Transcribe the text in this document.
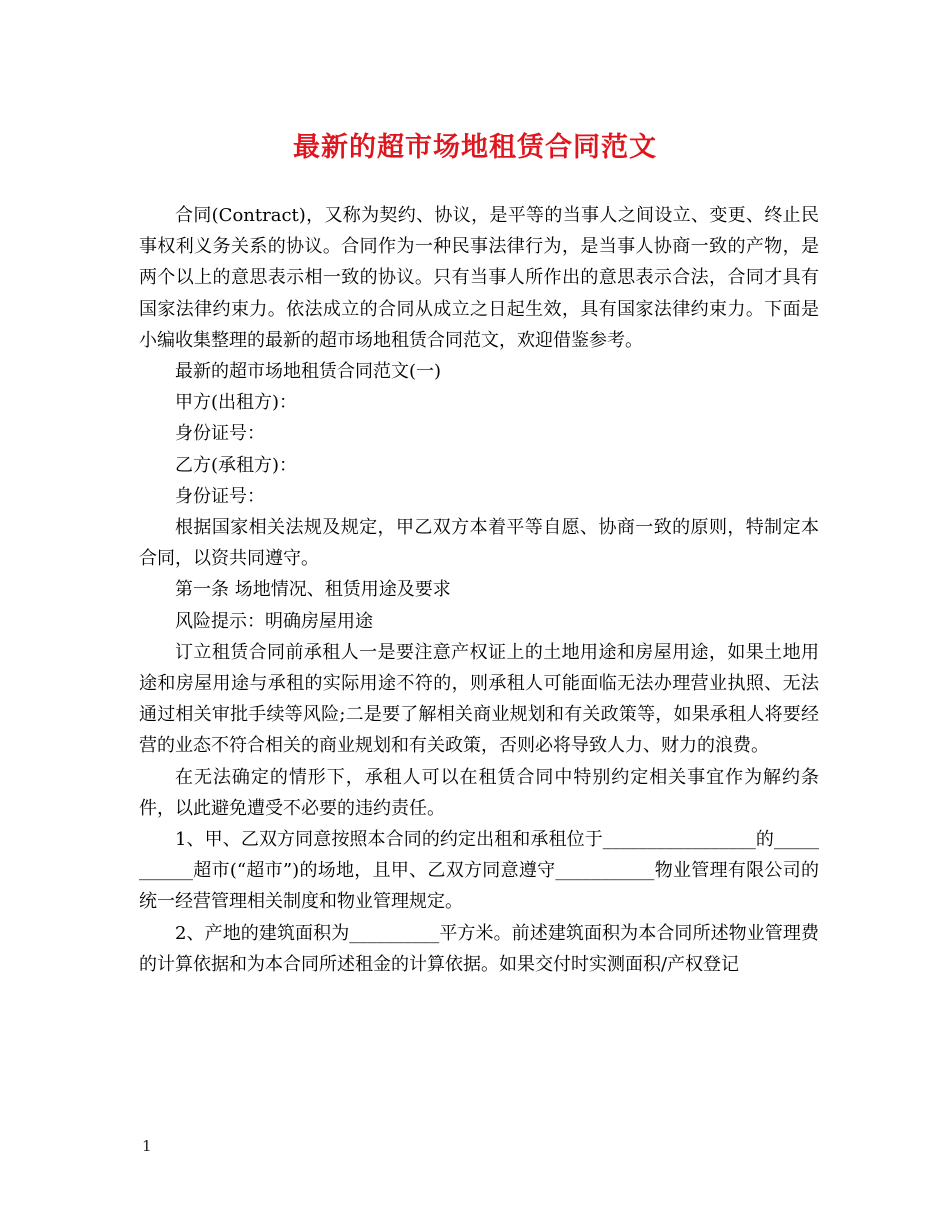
最新的超市场地租赁合同范文

合同(Contract)，又称为契约、协议，是平等的当事人之间设立、变更、终止民事权利义务关系的协议。合同作为一种民事法律行为，是当事人协商一致的产物，是两个以上的意思表示相一致的协议。只有当事人所作出的意思表示合法，合同才具有国家法律约束力。依法成立的合同从成立之日起生效，具有国家法律约束力。下面是小编收集整理的最新的超市场地租赁合同范文，欢迎借鉴参考。

最新的超市场地租赁合同范文(一)

甲方(出租方)：

身份证号：

乙方(承租方)：

身份证号：

根据国家相关法规及规定，甲乙双方本着平等自愿、协商一致的原则，特制定本合同，以资共同遵守。

第一条 场地情况、租赁用途及要求

风险提示：明确房屋用途

订立租赁合同前承租人一是要注意产权证上的土地用途和房屋用途，如果土地用途和房屋用途与承租的实际用途不符的，则承租人可能面临无法办理营业执照、无法通过相关审批手续等风险;二是要了解相关商业规划和有关政策等，如果承租人将要经营的业态不符合相关的商业规划和有关政策，否则必将导致人力、财力的浪费。

在无法确定的情形下，承租人可以在租赁合同中特别约定相关事宜作为解约条件，以此避免遭受不必要的违约责任。

1、甲、乙双方同意按照本合同的约定出租和承租位于_________________的___________超市(“超市”)的场地，且甲、乙双方同意遵守___________物业管理有限公司的统一经营管理相关制度和物业管理规定。

2、产地的建筑面积为__________平方米。前述建筑面积为本合同所述物业管理费的计算依据和为本合同所述租金的计算依据。如果交付时实测面积/产权登记

1
